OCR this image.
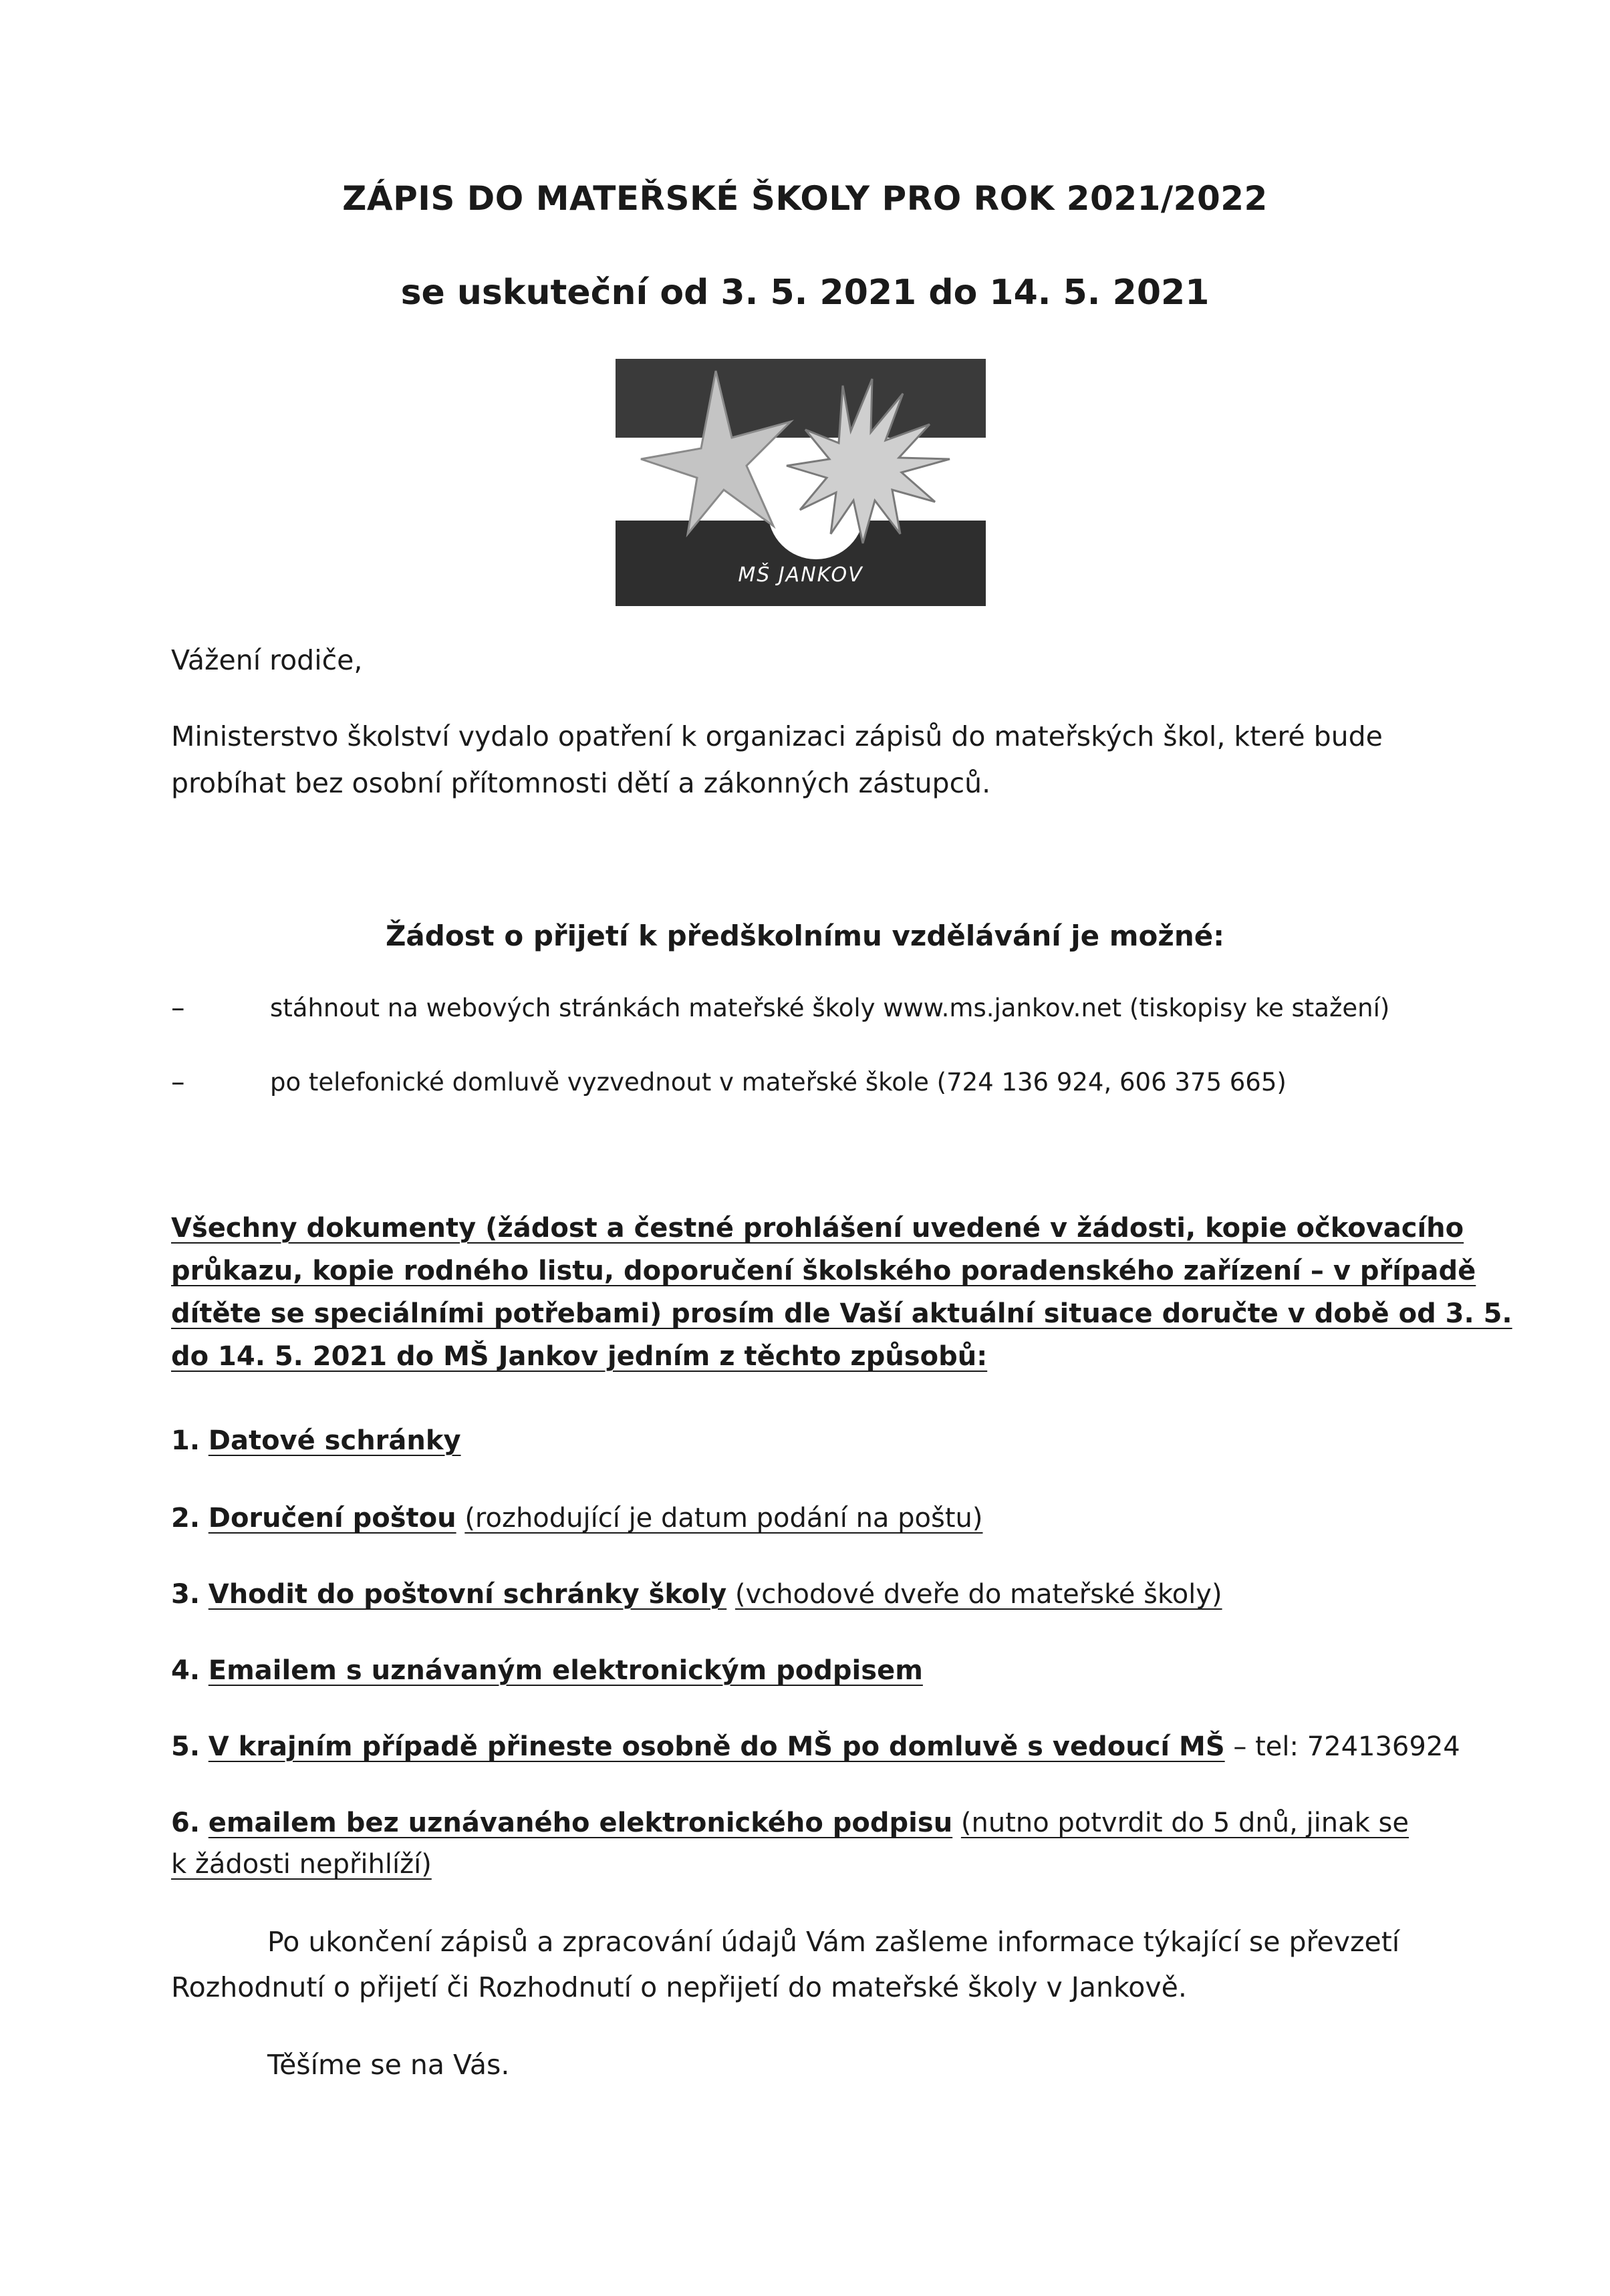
ZÁPIS DO MATEŘSKÉ ŠKOLY PRO ROK 2021/2022
se uskuteční od 3. 5. 2021 do 14. 5. 2021
MŠ JANKOV
Vážení rodiče,
Ministerstvo školství vydalo opatření k organizaci zápisů do mateřských škol, které bude
probíhat bez osobní přítomnosti dětí a zákonných zástupců.
Žádost o přijetí k předškolnímu vzdělávání je možné:
–	stáhnout na webových stránkách mateřské školy www.ms.jankov.net (tiskopisy ke stažení)
–	po telefonické domluvě vyzvednout v mateřské škole (724 136 924, 606 375 665)
Všechny dokumenty (žádost a čestné prohlášení uvedené v žádosti, kopie očkovacího
průkazu, kopie rodného listu, doporučení školského poradenského zařízení – v případě
dítěte se speciálními potřebami) prosím dle Vaší aktuální situace doručte v době od 3. 5.
do 14. 5. 2021 do MŠ Jankov jedním z těchto způsobů:
1. Datové schránky
2. Doručení poštou (rozhodující je datum podání na poštu)
3. Vhodit do poštovní schránky školy (vchodové dveře do mateřské školy)
4. Emailem s uznávaným elektronickým podpisem
5. V krajním případě přineste osobně do MŠ po domluvě s vedoucí MŠ – tel: 724136924
6. emailem bez uznávaného elektronického podpisu (nutno potvrdit do 5 dnů, jinak se
k žádosti nepřihlíží)
Po ukončení zápisů a zpracování údajů Vám zašleme informace týkající se převzetí
Rozhodnutí o přijetí či Rozhodnutí o nepřijetí do mateřské školy v Jankově.
Těšíme se na Vás.
